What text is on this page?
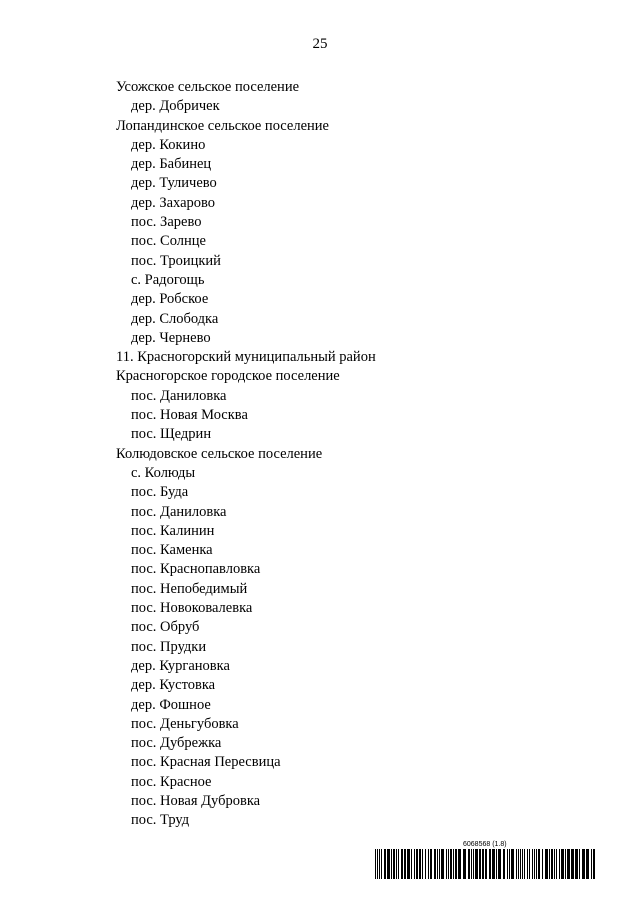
25
Усожское сельское поселение
дер. Добричек
Лопандинское сельское поселение
дер. Кокино
дер. Бабинец
дер. Туличево
дер. Захарово
пос. Зарево
пос. Солнце
пос. Троицкий
с. Радогощь
дер. Робское
дер. Слободка
дер. Чернево
11. Красногорский муниципальный район
Красногорское городское поселение
пос. Даниловка
пос. Новая Москва
пос. Щедрин
Колюдовское сельское поселение
с. Колюды
пос. Буда
пос. Даниловка
пос. Калинин
пос. Каменка
пос. Краснопавловка
пос. Непобедимый
пос. Новоковалевка
пос. Обруб
пос. Прудки
дер. Кургановка
дер. Кустовка
дер. Фошное
пос. Деньгубовка
пос. Дубрежка
пос. Красная Пересвица
пос. Красное
пос. Новая Дубровка
пос. Труд
6068568 (1.8)
